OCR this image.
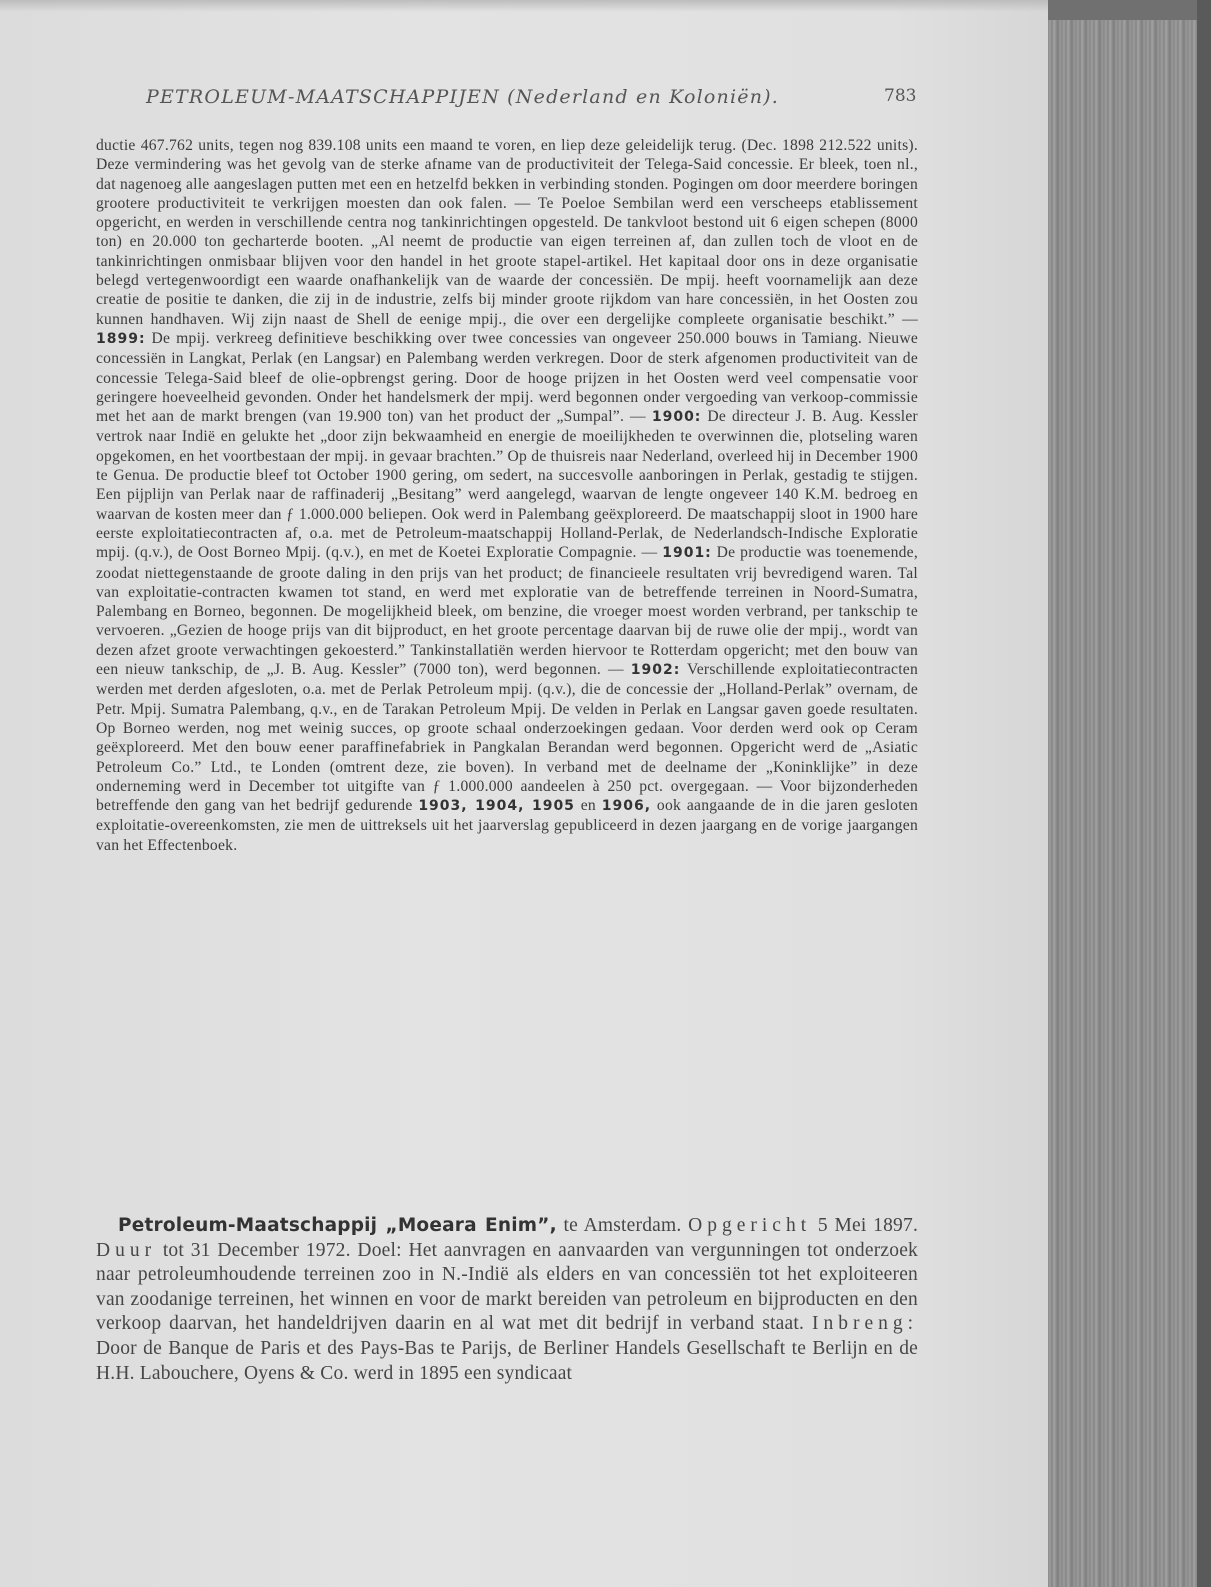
PETROLEUM-MAATSCHAPPIJEN (Nederland en Koloniën).	783
ductie 467.762 units, tegen nog 839.108 units een maand te voren, en liep deze geleidelijk terug. (Dec. 1898 212.522 units). Deze vermindering was het gevolg van de sterke afname van de productiviteit der Telega-Said concessie. Er bleek, toen nl., dat nagenoeg alle aangeslagen putten met een en hetzelfd bekken in verbinding stonden. Pogingen om door meerdere boringen grootere productiviteit te verkrijgen moesten dan ook falen. — Te Poeloe Sembilan werd een verscheeps etablissement opgericht, en werden in verschillende centra nog tankinrichtingen opgesteld. De tankvloot bestond uit 6 eigen schepen (8000 ton) en 20.000 ton gecharterde booten. „Al neemt de productie van eigen terreinen af, dan zullen toch de vloot en de tankinrichtingen onmisbaar blijven voor den handel in het groote stapel-artikel. Het kapitaal door ons in deze organisatie belegd vertegenwoordigt een waarde onafhankelijk van de waarde der concessiën. De mpij. heeft voornamelijk aan deze creatie de positie te danken, die zij in de industrie, zelfs bij minder groote rijkdom van hare concessiën, in het Oosten zou kunnen handhaven. Wij zijn naast de Shell de eenige mpij., die over een dergelijke compleete organisatie beschikt.” — 1899: De mpij. verkreeg definitieve beschikking over twee concessies van ongeveer 250.000 bouws in Tamiang. Nieuwe concessiën in Langkat, Perlak (en Langsar) en Palembang werden verkregen. Door de sterk afgenomen productiviteit van de concessie Telega-Said bleef de olie-opbrengst gering. Door de hooge prijzen in het Oosten werd veel compensatie voor geringere hoeveelheid gevonden. Onder het handelsmerk der mpij. werd begonnen onder vergoeding van verkoop-commissie met het aan de markt brengen (van 19.900 ton) van het product der „Sumpal”. — 1900: De directeur J. B. Aug. Kessler vertrok naar Indië en gelukte het „door zijn bekwaamheid en energie de moeilijkheden te overwinnen die, plotseling waren opgekomen, en het voortbestaan der mpij. in gevaar brachten.” Op de thuisreis naar Nederland, overleed hij in December 1900 te Genua. De productie bleef tot October 1900 gering, om sedert, na succesvolle aanboringen in Perlak, gestadig te stijgen. Een pijplijn van Perlak naar de raffinaderij „Besitang” werd aangelegd, waarvan de lengte ongeveer 140 K.M. bedroeg en waarvan de kosten meer dan ƒ 1.000.000 beliepen. Ook werd in Palembang geëxploreerd. De maatschappij sloot in 1900 hare eerste exploitatiecontracten af, o.a. met de Petroleum-maatschappij Holland-Perlak, de Nederlandsch-Indische Exploratie mpij. (q.v.), de Oost Borneo Mpij. (q.v.), en met de Koetei Exploratie Compagnie. — 1901: De productie was toenemende, zoodat niettegenstaande de groote daling in den prijs van het product; de financieele resultaten vrij bevredigend waren. Tal van exploitatie-contracten kwamen tot stand, en werd met exploratie van de betreffende terreinen in Noord-Sumatra, Palembang en Borneo, begonnen. De mogelijkheid bleek, om benzine, die vroeger moest worden verbrand, per tankschip te vervoeren. „Gezien de hooge prijs van dit bijproduct, en het groote percentage daarvan bij de ruwe olie der mpij., wordt van dezen afzet groote verwachtingen gekoesterd.” Tankinstallatiën werden hiervoor te Rotterdam opgericht; met den bouw van een nieuw tankschip, de „J. B. Aug. Kessler” (7000 ton), werd begonnen. — 1902: Verschillende exploitatiecontracten werden met derden afgesloten, o.a. met de Perlak Petroleum mpij. (q.v.), die de concessie der „Holland-Perlak” overnam, de Petr. Mpij. Sumatra Palembang, q.v., en de Tarakan Petroleum Mpij. De velden in Perlak en Langsar gaven goede resultaten. Op Borneo werden, nog met weinig succes, op groote schaal onderzoekingen gedaan. Voor derden werd ook op Ceram geëxploreerd. Met den bouw eener paraffinefabriek in Pangkalan Berandan werd begonnen. Opgericht werd de „Asiatic Petroleum Co.” Ltd., te Londen (omtrent deze, zie boven). In verband met de deelname der „Koninklijke” in deze onderneming werd in December tot uitgifte van ƒ 1.000.000 aandeelen à 250 pct. overgegaan. — Voor bijzonderheden betreffende den gang van het bedrijf gedurende 1903, 1904, 1905 en 1906, ook aangaande de in die jaren gesloten exploitatie-overeenkomsten, zie men de uittreksels uit het jaarverslag gepubliceerd in dezen jaargang en de vorige jaargangen van het Effectenboek.
Petroleum-Maatschappij „Moeara Enim”, te Amsterdam. Opgericht 5 Mei 1897. Duur tot 31 December 1972. Doel: Het aanvragen en aanvaarden van vergunningen tot onderzoek naar petroleumhoudende terreinen zoo in N.-Indië als elders en van concessiën tot het exploiteeren van zoodanige terreinen, het winnen en voor de markt bereiden van petroleum en bijproducten en den verkoop daarvan, het handeldrijven daarin en al wat met dit bedrijf in verband staat. Inbreng: Door de Banque de Paris et des Pays-Bas te Parijs, de Berliner Handels Gesellschaft te Berlijn en de H.H. Labouchere, Oyens & Co. werd in 1895 een syndicaat
